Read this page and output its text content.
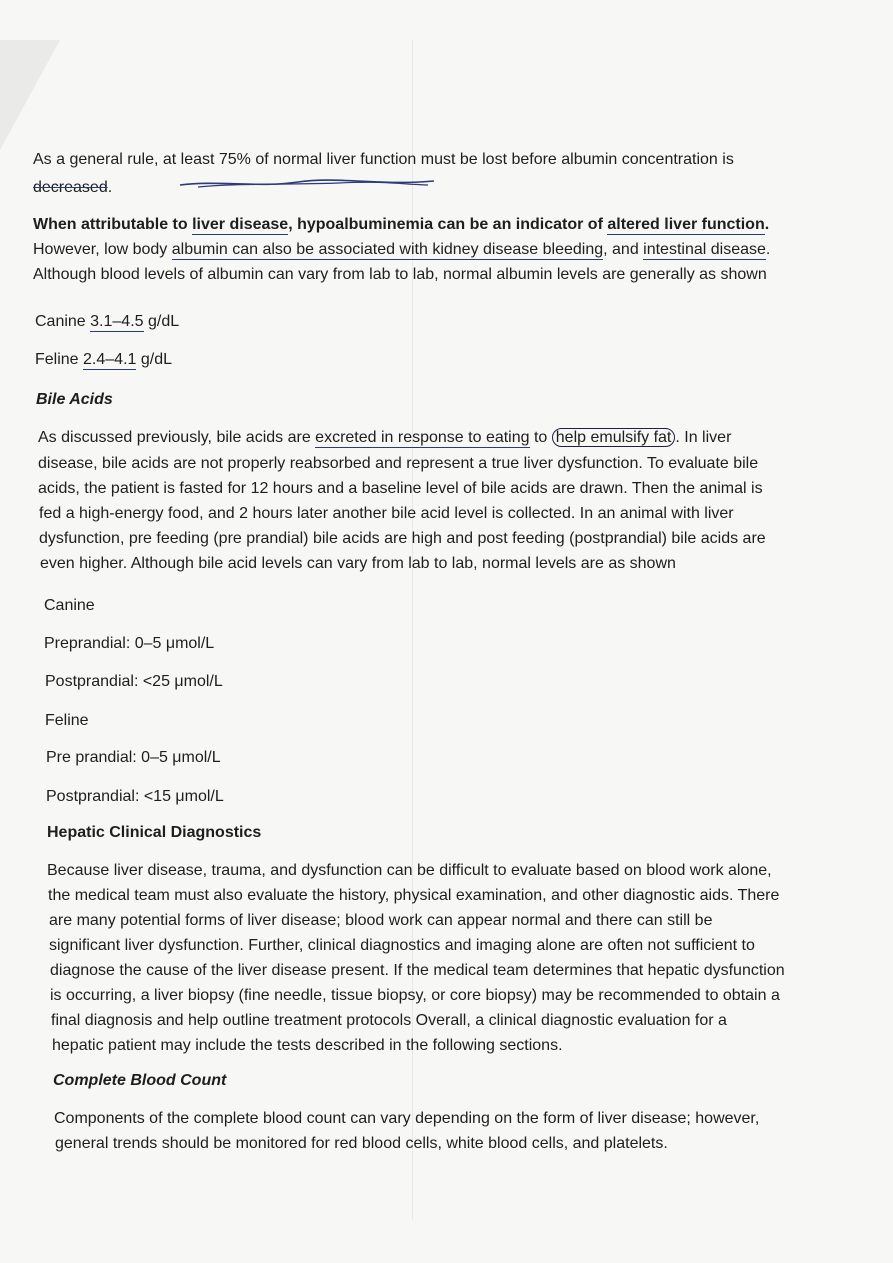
As a general rule, at least 75% of normal liver function must be lost before albumin concentration is
decreased.
When attributable to liver disease, hypoalbuminemia can be an indicator of altered liver function.
However, low body albumin can also be associated with kidney disease bleeding, and intestinal disease.
Although blood levels of albumin can vary from lab to lab, normal albumin levels are generally as shown
Canine 3.1–4.5 g/dL
Feline 2.4–4.1 g/dL
Bile Acids
As discussed previously, bile acids are excreted in response to eating to help emulsify fat . In liver
disease, bile acids are not properly reabsorbed and represent a true liver dysfunction. To evaluate bile
acids, the patient is fasted for 12 hours and a baseline level of bile acids are drawn. Then the animal is
fed a high-energy food, and 2 hours later another bile acid level is collected. In an animal with liver
dysfunction, pre feeding (pre prandial) bile acids are high and post feeding (postprandial) bile acids are
even higher. Although bile acid levels can vary from lab to lab, normal levels are as shown
Canine
Preprandial: 0–5 μmol/L
Postprandial: <25 μmol/L
Feline
Pre prandial: 0–5 μmol/L
Postprandial: <15 μmol/L
Hepatic Clinical Diagnostics
Because liver disease, trauma, and dysfunction can be difficult to evaluate based on blood work alone,
the medical team must also evaluate the history, physical examination, and other diagnostic aids. There
are many potential forms of liver disease; blood work can appear normal and there can still be
significant liver dysfunction. Further, clinical diagnostics and imaging alone are often not sufficient to
diagnose the cause of the liver disease present. If the medical team determines that hepatic dysfunction
is occurring, a liver biopsy (fine needle, tissue biopsy, or core biopsy) may be recommended to obtain a
final diagnosis and help outline treatment protocols Overall, a clinical diagnostic evaluation for a
hepatic patient may include the tests described in the following sections.
Complete Blood Count
Components of the complete blood count can vary depending on the form of liver disease; however,
general trends should be monitored for red blood cells, white blood cells, and platelets.
